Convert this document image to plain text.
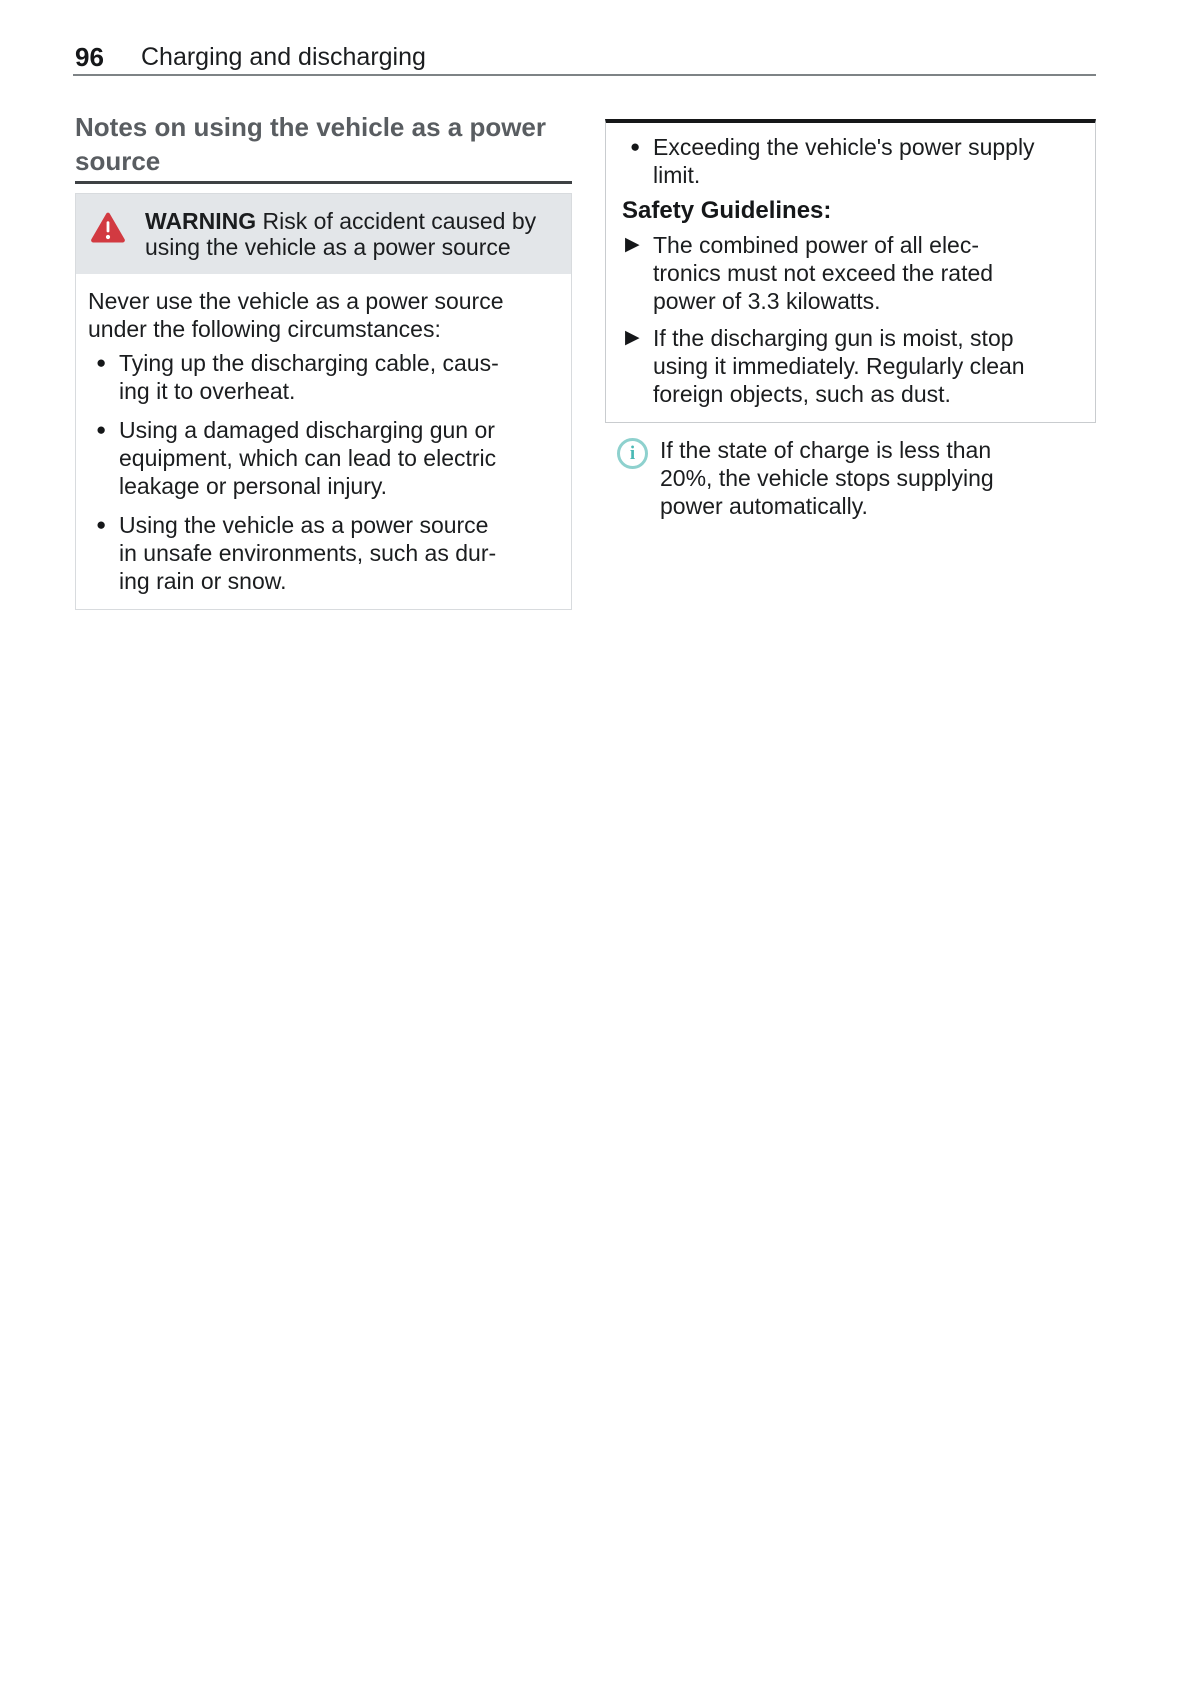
96 Charging and discharging
Notes on using the vehicle as a power
source
WARNING Risk of accident caused by
using the vehicle as a power source
Never use the vehicle as a power source
under the following circumstances:
● Tying up the discharging cable, caus-
ing it to overheat.
● Using a damaged discharging gun or
equipment, which can lead to electric
leakage or personal injury.
● Using the vehicle as a power source
in unsafe environments, such as dur-
ing rain or snow.
● Exceeding the vehicle's power supply
limit.
Safety Guidelines:
▶ The combined power of all elec-
tronics must not exceed the rated
power of 3.3 kilowatts.
▶ If the discharging gun is moist, stop
using it immediately. Regularly clean
foreign objects, such as dust.
i	If the state of charge is less than
20%, the vehicle stops supplying
power automatically.
